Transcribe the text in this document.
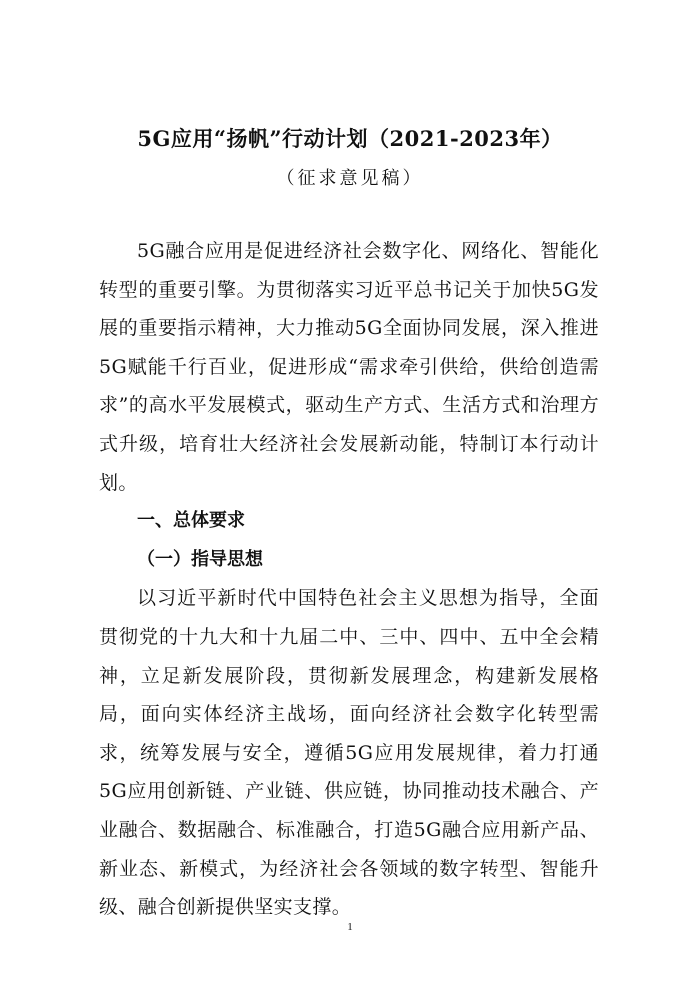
5G应用“扬帆”行动计划（2021-2023年）
（征求意见稿）

5G融合应用是促进经济社会数字化、网络化、智能化转型的重要引擎。为贯彻落实习近平总书记关于加快5G发展的重要指示精神，大力推动5G全面协同发展，深入推进5G赋能千行百业，促进形成“需求牵引供给，供给创造需求”的高水平发展模式，驱动生产方式、生活方式和治理方式升级，培育壮大经济社会发展新动能，特制订本行动计划。

一、总体要求

（一）指导思想

以习近平新时代中国特色社会主义思想为指导，全面贯彻党的十九大和十九届二中、三中、四中、五中全会精神，立足新发展阶段，贯彻新发展理念，构建新发展格局，面向实体经济主战场，面向经济社会数字化转型需求，统筹发展与安全，遵循5G应用发展规律，着力打通5G应用创新链、产业链、供应链，协同推动技术融合、产业融合、数据融合、标准融合，打造5G融合应用新产品、新业态、新模式，为经济社会各领域的数字转型、智能升级、融合创新提供坚实支撑。

1
